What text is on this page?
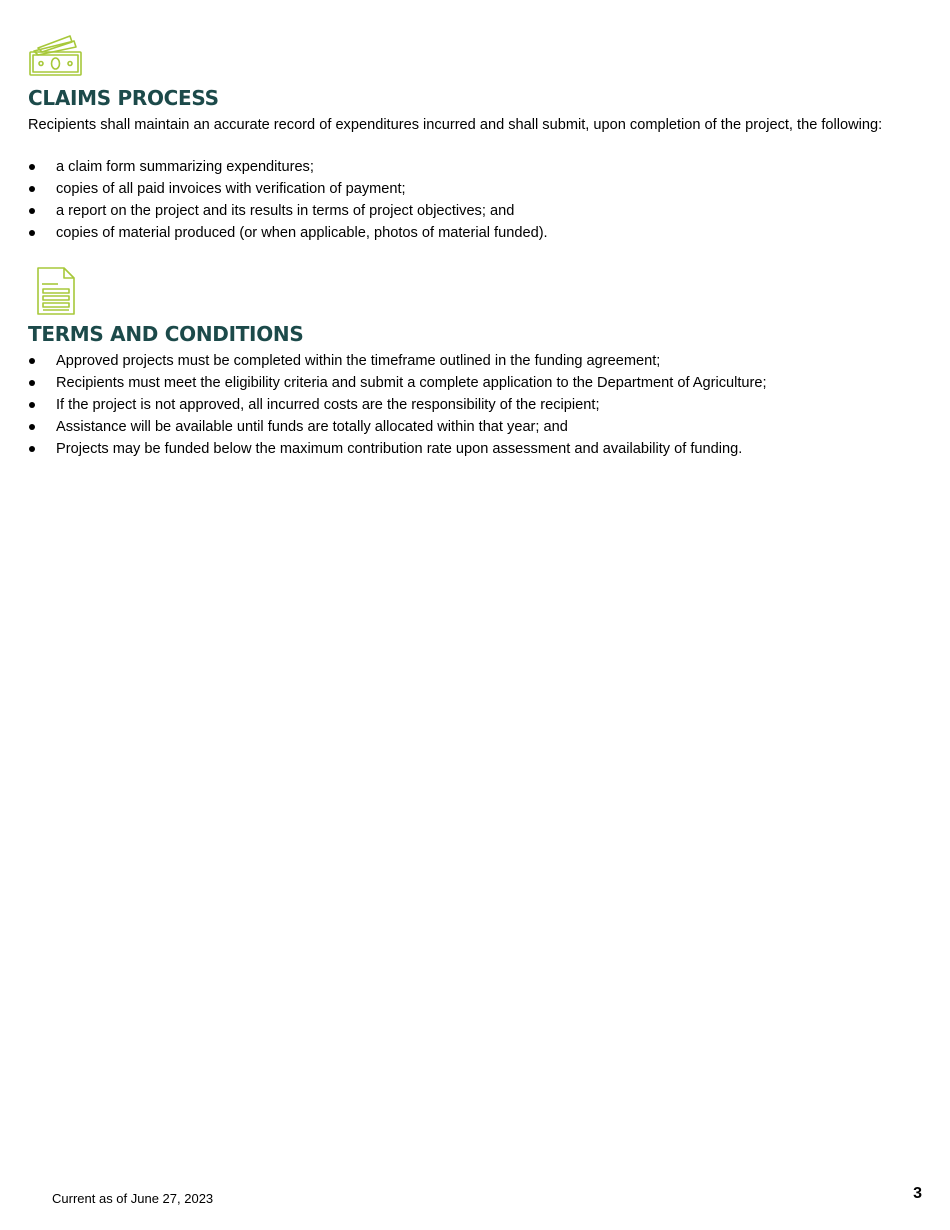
CLAIMS PROCESS

Recipients shall maintain an accurate record of expenditures incurred and shall submit, upon completion of the project, the following:

a claim form summarizing expenditures;
copies of all paid invoices with verification of payment;
a report on the project and its results in terms of project objectives; and
copies of material produced (or when applicable, photos of material funded).
TERMS AND CONDITIONS
Approved projects must be completed within the timeframe outlined in the funding agreement;
Recipients must meet the eligibility criteria and submit a complete application to the Department of Agriculture;
If the project is not approved, all incurred costs are the responsibility of the recipient;
Assistance will be available until funds are totally allocated within that year; and
Projects may be funded below the maximum contribution rate upon assessment and availability of funding.
Current as of June 27, 2023	3
